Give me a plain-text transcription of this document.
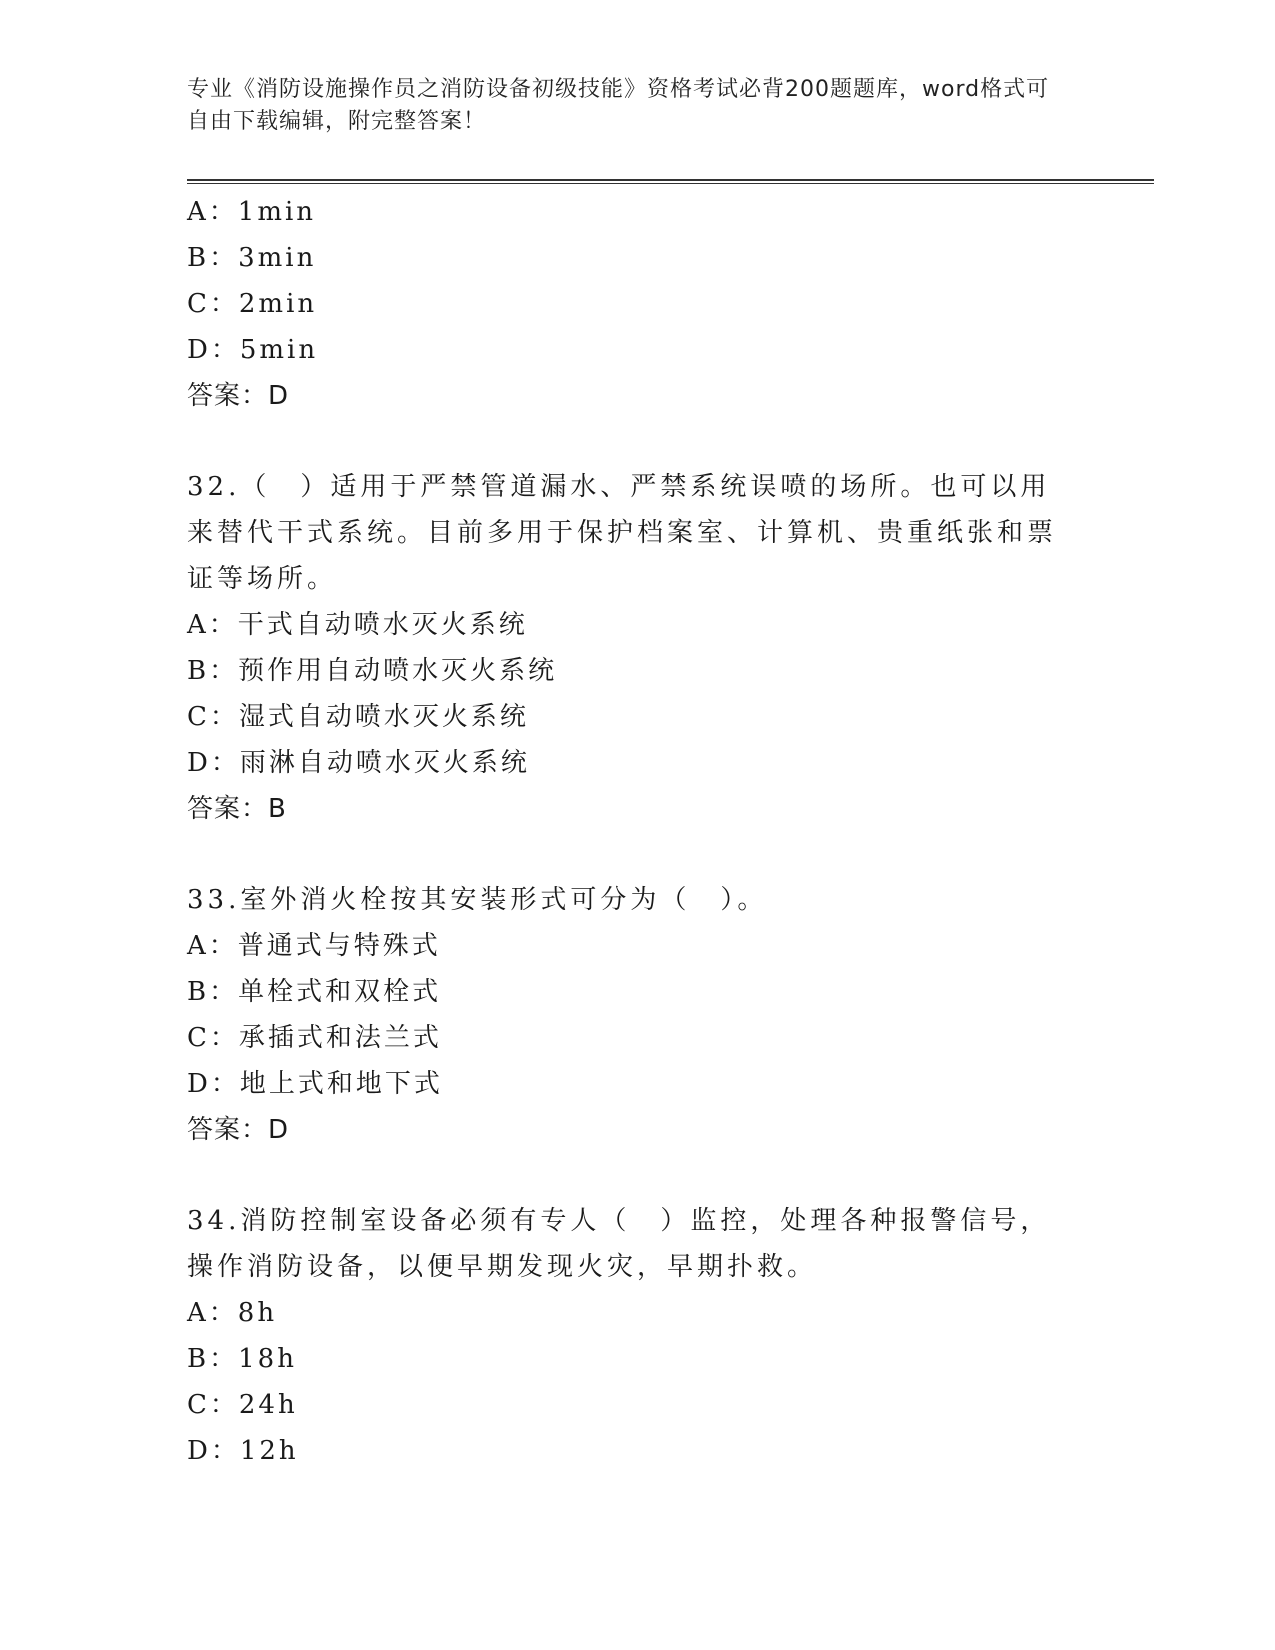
专业《消防设施操作员之消防设备初级技能》资格考试必背200题题库，word格式可自由下载编辑，附完整答案！
A：1min
B：3min
C：2min
D：5min
答案：D
32.（　）适用于严禁管道漏水、严禁系统误喷的场所。也可以用来替代干式系统。目前多用于保护档案室、计算机、贵重纸张和票证等场所。
A：干式自动喷水灭火系统
B：预作用自动喷水灭火系统
C：湿式自动喷水灭火系统
D：雨淋自动喷水灭火系统
答案：B
33.室外消火栓按其安装形式可分为（　）。
A：普通式与特殊式
B：单栓式和双栓式
C：承插式和法兰式
D：地上式和地下式
答案：D
34.消防控制室设备必须有专人（　）监控，处理各种报警信号，操作消防设备，以便早期发现火灾，早期扑救。
A：8h
B：18h
C：24h
D：12h
